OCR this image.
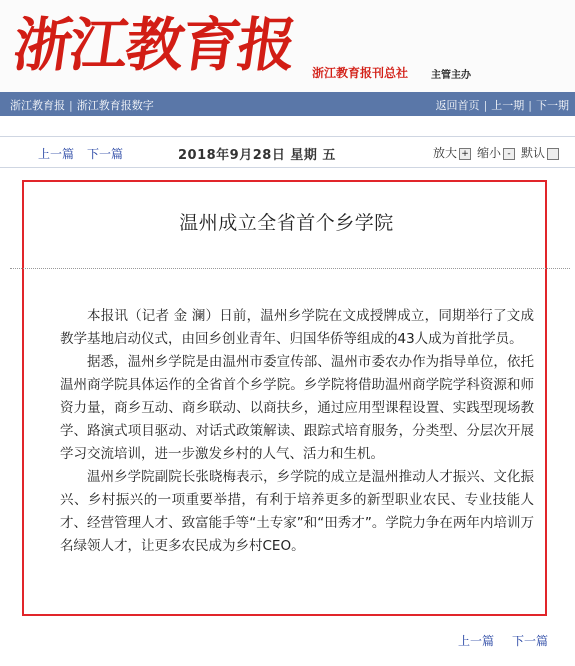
浙江教育报 浙江教育报刊总社 主管主办
浙江教育报 | 浙江教育报数字	返回首页 | 上一期 | 下一期
上一篇 下一篇	2018年9月28日 星期 五	放大 + 缩小 - 默认
温州成立全省首个乡学院

本报讯（记者 金 澜）日前，温州乡学院在文成授牌成立，同期举行了文成教学基地启动仪式，由回乡创业青年、归国华侨等组成的43人成为首批学员。

据悉，温州乡学院是由温州市委宣传部、温州市委农办作为指导单位，依托温州商学院具体运作的全省首个乡学院。乡学院将借助温州商学院学科资源和师资力量，商乡互动、商乡联动、以商扶乡，通过应用型课程设置、实践型现场教学、路演式项目驱动、对话式政策解读、跟踪式培育服务，分类型、分层次开展学习交流培训，进一步激发乡村的人气、活力和生机。

温州乡学院副院长张晓梅表示，乡学院的成立是温州推动人才振兴、文化振兴、乡村振兴的一项重要举措，有利于培养更多的新型职业农民、专业技能人才、经营管理人才、致富能手等“土专家”和“田秀才”。学院力争在两年内培训万名绿领人才，让更多农民成为乡村CEO。

上一篇 下一篇
